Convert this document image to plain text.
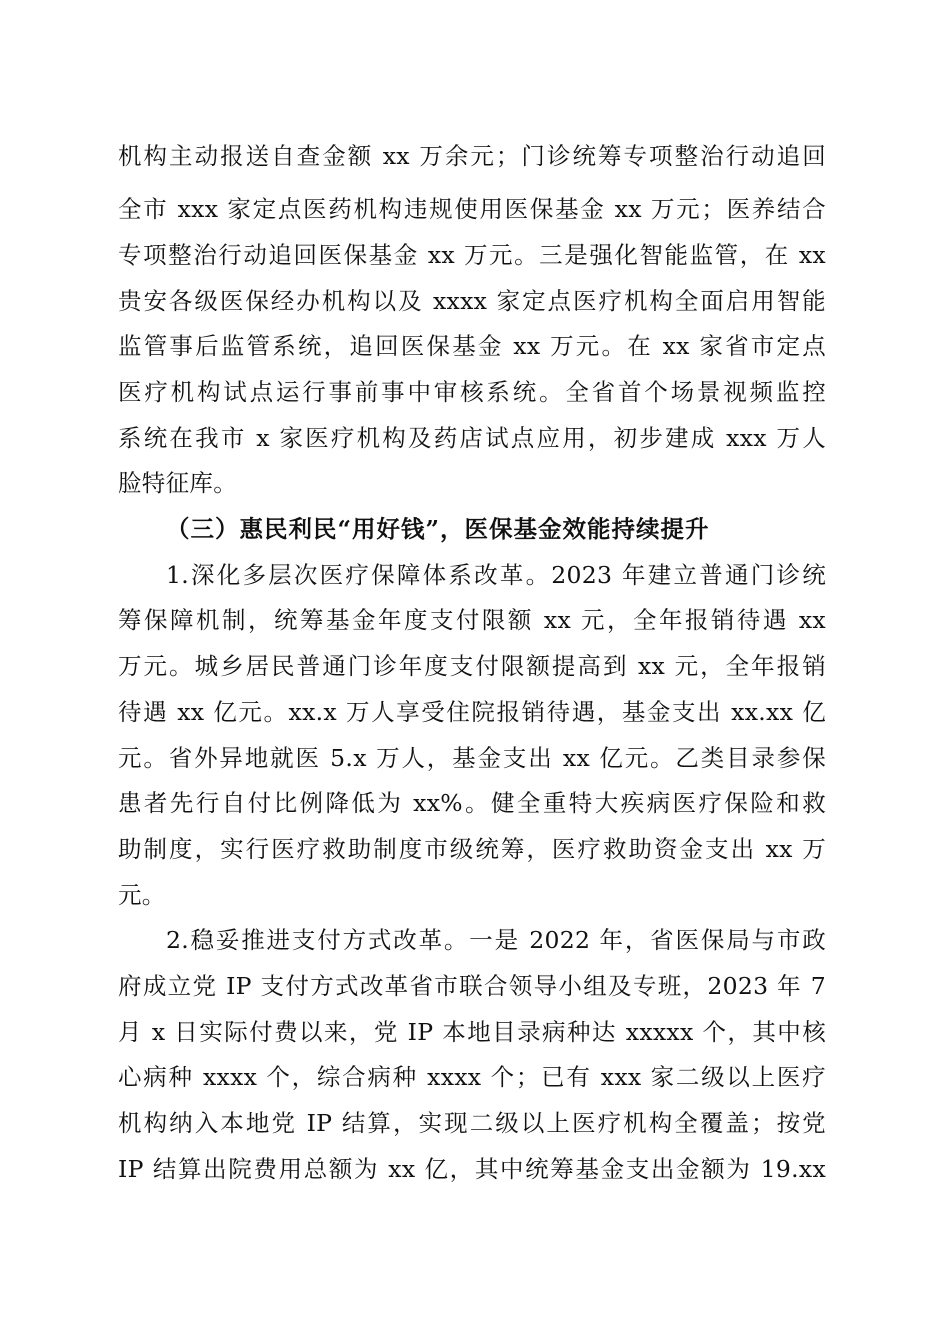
机构主动报送自查金额 xx 万余元；门诊统筹专项整治行动追回
全市 xxx 家定点医药机构违规使用医保基金 xx 万元；医养结合
专项整治行动追回医保基金 xx 万元。三是强化智能监管，在 xx
贵安各级医保经办机构以及 xxxx 家定点医疗机构全面启用智能
监管事后监管系统，追回医保基金 xx 万元。在 xx 家省市定点
医疗机构试点运行事前事中审核系统。全省首个场景视频监控
系统在我市 x 家医疗机构及药店试点应用，初步建成 xxx 万人
脸特征库。
（三）惠民利民“用好钱”，医保基金效能持续提升
1.深化多层次医疗保障体系改革。2023 年建立普通门诊统
筹保障机制，统筹基金年度支付限额 xx 元，全年报销待遇 xx
万元。城乡居民普通门诊年度支付限额提高到 xx 元，全年报销
待遇 xx 亿元。xx.x 万人享受住院报销待遇，基金支出 xx.xx 亿
元。省外异地就医 5.x 万人，基金支出 xx 亿元。乙类目录参保
患者先行自付比例降低为 xx%。健全重特大疾病医疗保险和救
助制度，实行医疗救助制度市级统筹，医疗救助资金支出 xx 万
元。
2.稳妥推进支付方式改革。一是 2022 年，省医保局与市政
府成立党 IP 支付方式改革省市联合领导小组及专班，2023 年 7
月 x 日实际付费以来，党 IP 本地目录病种达 xxxxx 个，其中核
心病种 xxxx 个，综合病种 xxxx 个；已有 xxx 家二级以上医疗
机构纳入本地党 IP 结算，实现二级以上医疗机构全覆盖；按党
IP 结算出院费用总额为 xx 亿，其中统筹基金支出金额为 19.xx
